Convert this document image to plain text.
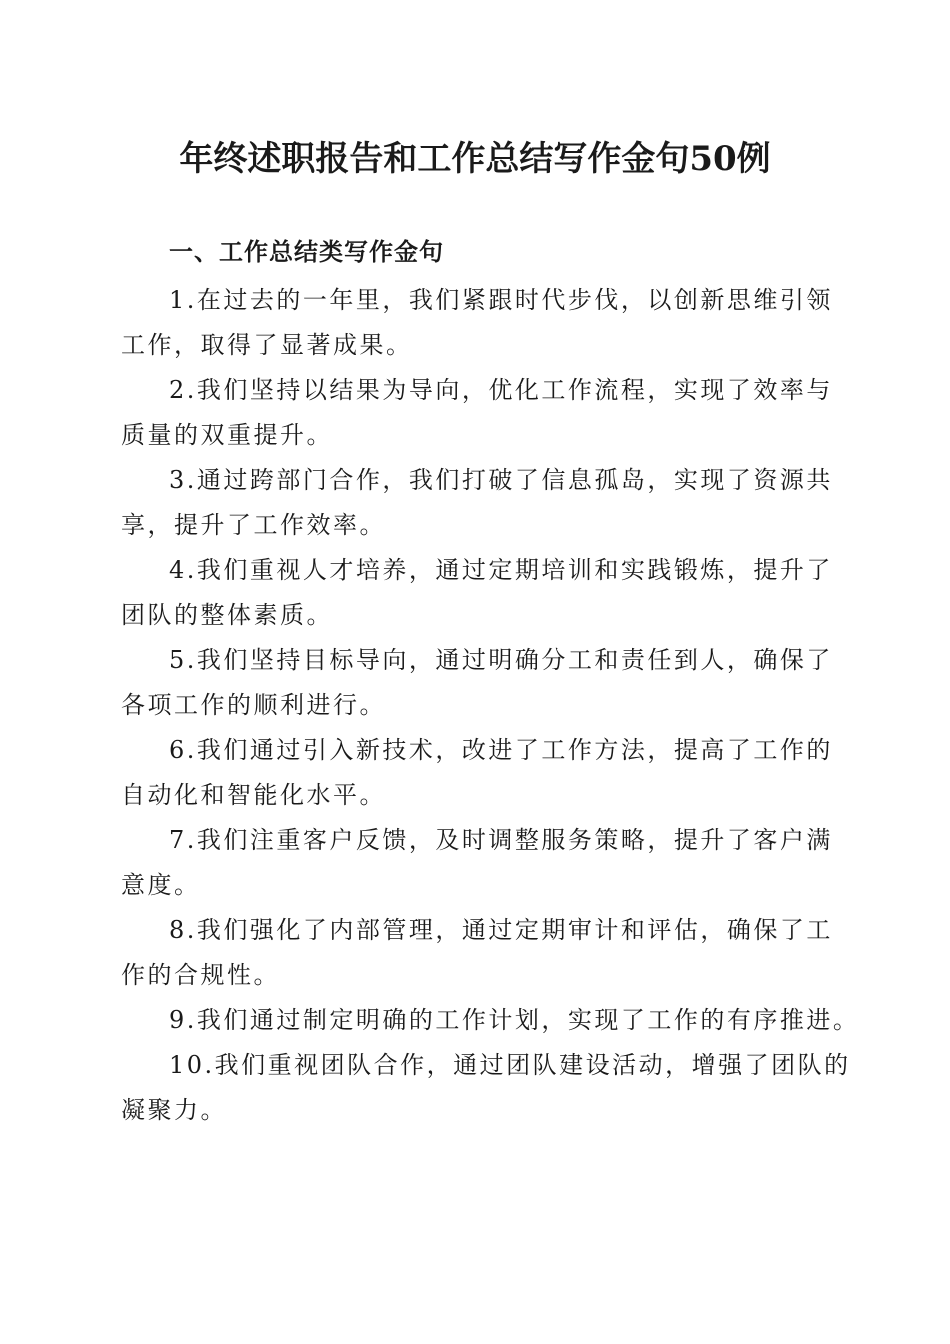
年终述职报告和工作总结写作金句50例
一、工作总结类写作金句
1.在过去的一年里，我们紧跟时代步伐，以创新思维引领
工作，取得了显著成果。
2.我们坚持以结果为导向，优化工作流程，实现了效率与
质量的双重提升。
3.通过跨部门合作，我们打破了信息孤岛，实现了资源共
享，提升了工作效率。
4.我们重视人才培养，通过定期培训和实践锻炼，提升了
团队的整体素质。
5.我们坚持目标导向，通过明确分工和责任到人，确保了
各项工作的顺利进行。
6.我们通过引入新技术，改进了工作方法，提高了工作的
自动化和智能化水平。
7.我们注重客户反馈，及时调整服务策略，提升了客户满
意度。
8.我们强化了内部管理，通过定期审计和评估，确保了工
作的合规性。
9.我们通过制定明确的工作计划，实现了工作的有序推进。
10.我们重视团队合作，通过团队建设活动，增强了团队的
凝聚力。
